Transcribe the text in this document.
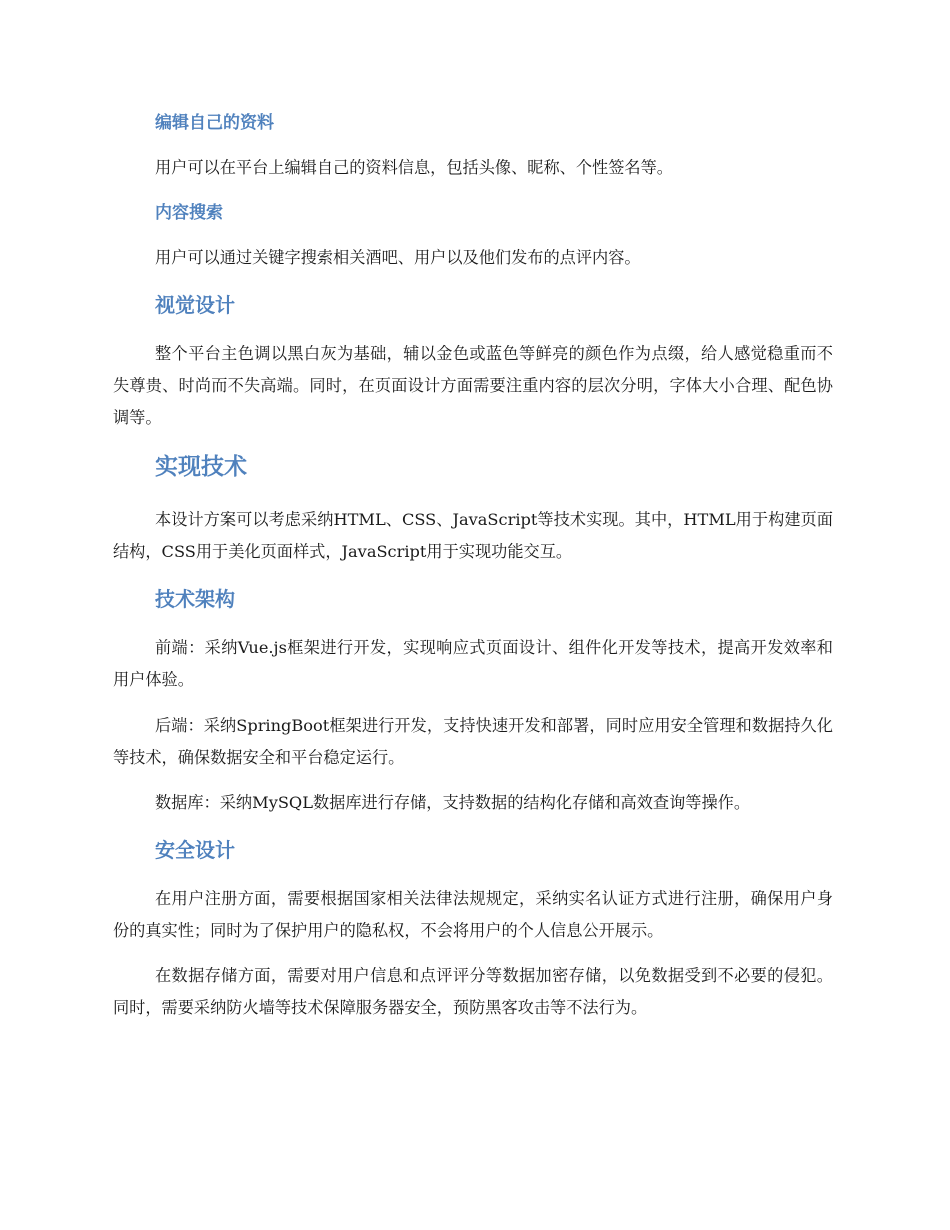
编辑自己的资料

用户可以在平台上编辑自己的资料信息，包括头像、昵称、个性签名等。

内容搜索

用户可以通过关键字搜索相关酒吧、用户以及他们发布的点评内容。

视觉设计

整个平台主色调以黑白灰为基础，辅以金色或蓝色等鲜亮的颜色作为点缀，给人感觉稳重而不失尊贵、时尚而不失高端。同时，在页面设计方面需要注重内容的层次分明，字体大小合理、配色协调等。

实现技术

本设计方案可以考虑采纳HTML、CSS、JavaScript等技术实现。其中，HTML用于构建页面结构，CSS用于美化页面样式，JavaScript用于实现功能交互。

技术架构

前端：采纳Vue.js框架进行开发，实现响应式页面设计、组件化开发等技术，提高开发效率和用户体验。

后端：采纳SpringBoot框架进行开发，支持快速开发和部署，同时应用安全管理和数据持久化等技术，确保数据安全和平台稳定运行。

数据库：采纳MySQL数据库进行存储，支持数据的结构化存储和高效查询等操作。

安全设计

在用户注册方面，需要根据国家相关法律法规规定，采纳实名认证方式进行注册，确保用户身份的真实性；同时为了保护用户的隐私权，不会将用户的个人信息公开展示。

在数据存储方面，需要对用户信息和点评评分等数据加密存储，以免数据受到不必要的侵犯。同时，需要采纳防火墙等技术保障服务器安全，预防黑客攻击等不法行为。
